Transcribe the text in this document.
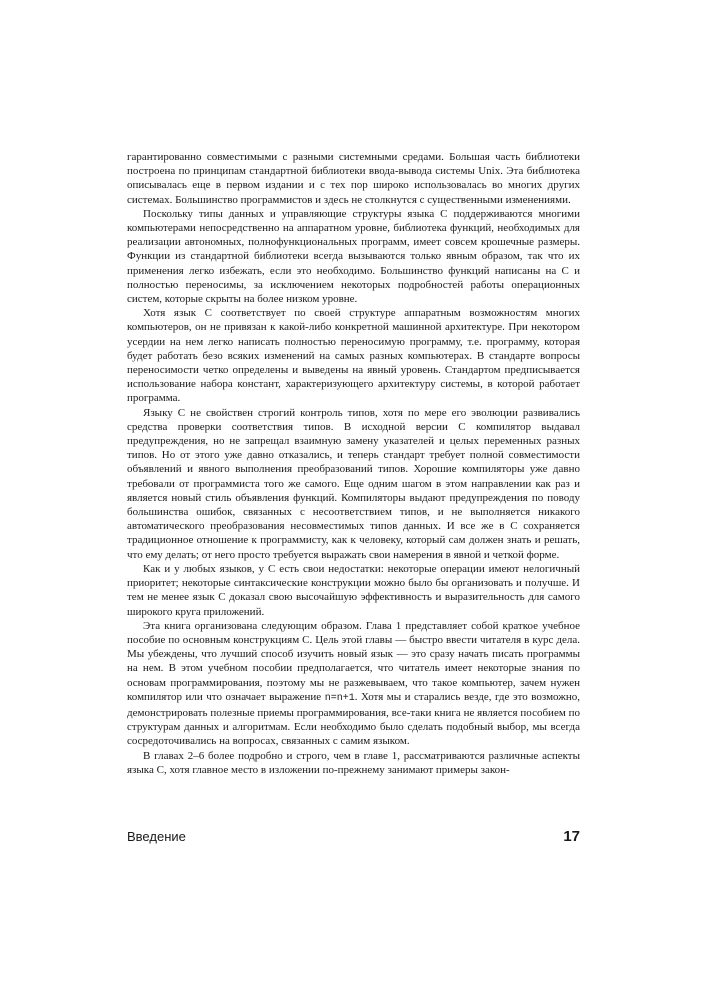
гарантированно совместимыми с разными системными средами. Большая часть библиотеки построена по принципам стандартной библиотеки ввода-вывода системы Unix. Эта библиотека описывалась еще в первом издании и с тех пор широко использовалась во многих других системах. Большинство программистов и здесь не столкнутся с существенными изменениями.

Поскольку типы данных и управляющие структуры языка С поддерживаются многими компьютерами непосредственно на аппаратном уровне, библиотека функций, необходимых для реализации автономных, полнофункциональных программ, имеет совсем крошечные размеры. Функции из стандартной библиотеки всегда вызываются только явным образом, так что их применения легко избежать, если это необходимо. Большинство функций написаны на С и полностью переносимы, за исключением некоторых подробностей работы операционных систем, которые скрыты на более низком уровне.

Хотя язык С соответствует по своей структуре аппаратным возможностям многих компьютеров, он не привязан к какой-либо конкретной машинной архитектуре. При некотором усердии на нем легко написать полностью переносимую программу, т.е. программу, которая будет работать безо всяких изменений на самых разных компьютерах. В стандарте вопросы переносимости четко определены и выведены на явный уровень. Стандартом предписывается использование набора констант, характеризующего архитектуру системы, в которой работает программа.

Языку С не свойствен строгий контроль типов, хотя по мере его эволюции развивались средства проверки соответствия типов. В исходной версии С компилятор выдавал предупреждения, но не запрещал взаимную замену указателей и целых переменных разных типов. Но от этого уже давно отказались, и теперь стандарт требует полной совместимости объявлений и явного выполнения преобразований типов. Хорошие компиляторы уже давно требовали от программиста того же самого. Еще одним шагом в этом направлении как раз и является новый стиль объявления функций. Компиляторы выдают предупреждения по поводу большинства ошибок, связанных с несоответствием типов, и не выполняется никакого автоматического преобразования несовместимых типов данных. И все же в С сохраняется традиционное отношение к программисту, как к человеку, который сам должен знать и решать, что ему делать; от него просто требуется выражать свои намерения в явной и четкой форме.

Как и у любых языков, у С есть свои недостатки: некоторые операции имеют нелогичный приоритет; некоторые синтаксические конструкции можно было бы организовать и получше. И тем не менее язык С доказал свою высочайшую эффективность и выразительность для самого широкого круга приложений.

Эта книга организована следующим образом. Глава 1 представляет собой краткое учебное пособие по основным конструкциям С. Цель этой главы — быстро ввести читателя в курс дела. Мы убеждены, что лучший способ изучить новый язык — это сразу начать писать программы на нем. В этом учебном пособии предполагается, что читатель имеет некоторые знания по основам программирования, поэтому мы не разжевываем, что такое компьютер, зачем нужен компилятор или что означает выражение n=n+1. Хотя мы и старались везде, где это возможно, демонстрировать полезные приемы программирования, все-таки книга не является пособием по структурам данных и алгоритмам. Если необходимо было сделать подобный выбор, мы всегда сосредоточивались на вопросах, связанных с самим языком.

В главах 2–6 более подробно и строго, чем в главе 1, рассматриваются различные аспекты языка С, хотя главное место в изложении по-прежнему занимают примеры закон-

Введение	17
